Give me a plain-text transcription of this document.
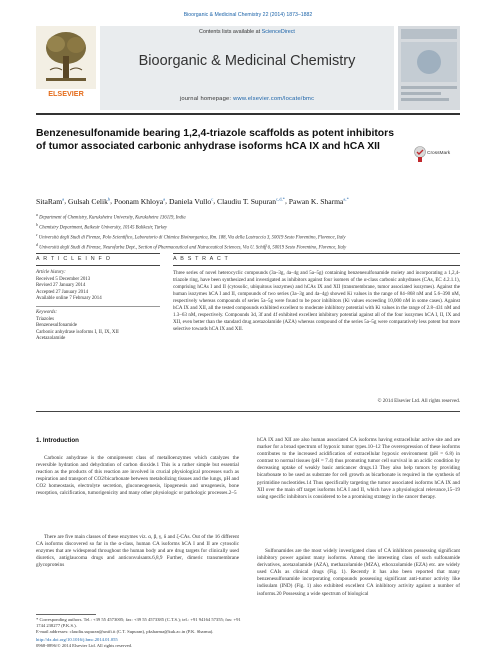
Bioorganic & Medicinal Chemistry 22 (2014) 1873–1882
ELSEVIER
Contents lists available at ScienceDirect
Bioorganic & Medicinal Chemistry
journal homepage: www.elsevier.com/locate/bmc
Benzenesulfonamide bearing 1,2,4-triazole scaffolds as potent inhibitors of tumor associated carbonic anhydrase isoforms hCA IX and hCA XII
CrossMark
SitaRam$^a$, Gulsah Celik$^b$, Poonam Khloya$^a$, Daniela Vullo$^c$, Claudiu T. Supuran$^{c,d,*}$, Pawan K. Sharma$^{a,*}$
$^a$ Department of Chemistry, Kurukshetra University, Kurukshetra 136119, India
$^b$ Chemistry Department, Baikesir University, 10145 Balikesir, Turkey
$^c$ Università degli Studi di Firenze, Polo Scientifico, Laboratorio di Chimica Bioinorganica, Rm. 188, Via della Lastruccia 3, 50019 Sesto Fiorentino, Florence, Italy
$^d$ Università degli Studi di Firenze, Neurofarba Dept., Section of Pharmaceutical and Nutraceutical Sciences, Via U. Schiff 6, 50019 Sesto Fiorentino, Florence, Italy
A R T I C L E I N F O	A B S T R A C T
Article history:
Received 5 December 2013
Revised 27 January 2014
Accepted 27 January 2014
Available online 7 February 2014
Keywords:
Triazoles
Benzenesulfonamide
Carbonic anhydrase isoforms I, II, IX, XII
Acetazolamide

Three series of novel heterocyclic compounds (3a–3g, 4a–4g and 5a–5g) containing benzenesulfonamide moiety and incorporating a 1,2,4-triazole ring, have been synthesized and investigated as inhibitors against four isomers of the α-class carbonic anhydrases (CAs, EC 4.2.1.1), comprising hCAs I and II (cytosolic, ubiquitous isozymes) and hCAs IX and XII (transmembrane, tumor associated isozymes). Against the human isozymes hCA I and II, compounds of two series (3a–3g and 4a–4g) showed Ki values in the range of 84–868 nM and 5.6–390 nM, respectively whereas compounds of series 5a–5g were found to be poor inhibitors (Ki values exceeding 10,000 nM in some cases). Against hCA IX and XII, all the tested compounds exhibited excellent to moderate inhibitory potential with Ki values in the range of 2.8–431 nM and 1.3–63 nM, respectively. Compounds 3d, 3f and 4f exhibited excellent inhibitory potential against all of the four isozymes hCA I, II, IX and XII, even better than the standard drug acetazolamide (AZA) whereas compound of the series 5a–5g were comparatively less potent but more selective towards hCA IX and XII.

© 2014 Elsevier Ltd. All rights reserved.
1. Introduction

Carbonic anhydrase is the omnipresent class of metalloenzymes which catalyzes the reversible hydration and dehydration of carbon dioxide.1 This is a rather simple but essential reaction as the products of this reaction are involved in crucial physiological processes such as respiration and transport of CO2/bicarbonate between metabolizing tissues and the lungs, pH and CO2 homeostasis, electrolyte secretion, gluconeogenesis, lipogenesis and ureagenesis, bone resorption, calcification, tumorigenicity and many other physiologic or pathologic processes.2–5

There are five main classes of these enzymes viz. α, β, γ, δ and ζ-CAs. Out of the 16 different CA isoforms discovered so far in the α-class, human CA isoforms hCA I and II are cytosolic enzymes that are widespread throughout the human body and are drug targets for clinically used diuretics, antiglaucoma drugs and anticonvulsants.6,8,9 Further, dimeric transmembrane glycoproteins

hCA IX and XII are also human associated CA isoforms having extracellular active site and are marker for a broad spectrum of hypoxic tumor types.10–12 The overexpression of these isoforms contributes to the increased acidification of extracellular hypoxic environment (pH = 6.8) in contrast to normal tissues (pH = 7.4) thus promoting tumor cell survival in an acidic condition by decreasing uptake of weakly basic anticancer drugs.13 They also help tumors by providing bicarbonate to be used as substrate for cell growth as bicarbonate is required in the synthesis of pyrimidine nucleotides.14 Thus specifically targeting the tumor associated isoforms hCA IX and XII over the main off target isoforms hCA I and II, which have a physiological relevance,15–19 using specific inhibitors is considered to be a promising strategy in the cancer therapy.

Sulfonamides are the most widely investigated class of CA inhibitors possessing significant inhibitory power against many isoforms. Among the interesting class of such sulfonamide derivatives, acetazolamide (AZA), methazolamide (MZA), ethoxzolamide (EZA) etc. are widely used CAIs as clinical drugs (Fig. 1). Recently it has also been reported that many benzenesulfonamide incorporating compounds possessing significant anti-tumor activity like indisulam (IND) (Fig. 1) also exhibited excellent CA inhibitory activity against a number of isoforms.20 Possessing a wide spectrum of biological

* Corresponding authors. Tel.: +39 55 4573005; fax: +39 55 4573385 (C.T.S.); tel.: +91 94164 57355; fax: +91 1744 238277 (P.K.S.).
E-mail addresses: claudiu.supuran@unifi.it (C.T. Supuran), pksharma@kuk.ac.in (P.K. Sharma).
http://dx.doi.org/10.1016/j.bmc.2014.01.055
0968-0896/© 2014 Elsevier Ltd. All rights reserved.
